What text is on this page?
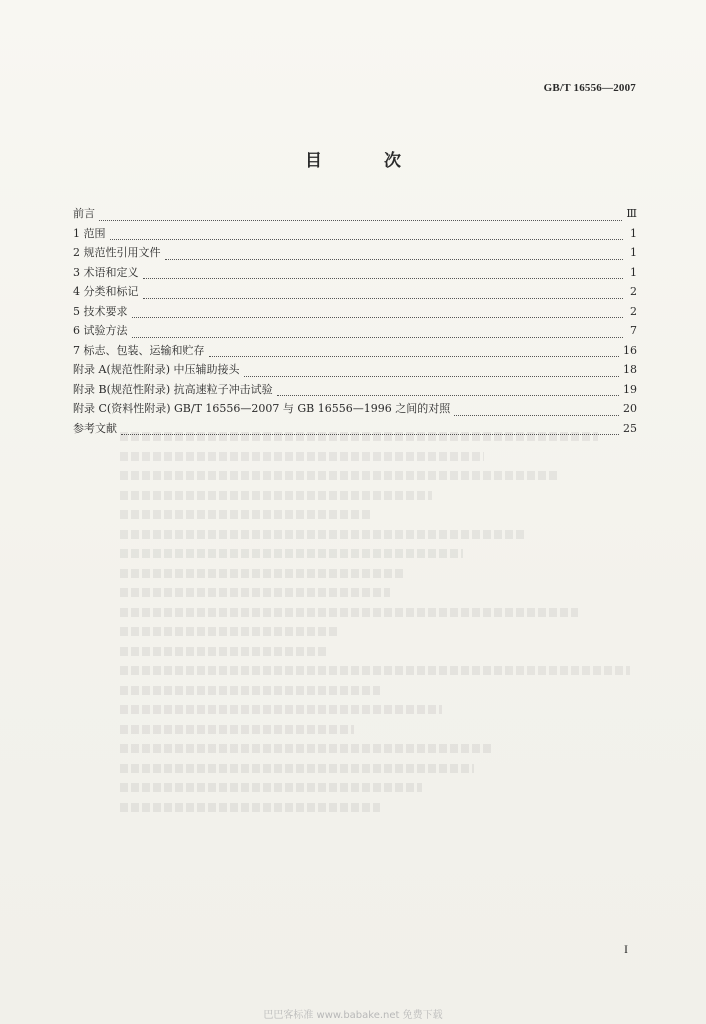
GB/T 16556—2007
目 次
前言	Ⅲ
1 范围	1
2 规范性引用文件	1
3 术语和定义	1
4 分类和标记	2
5 技术要求	2
6 试验方法	7
7 标志、包装、运输和贮存	16
附录 A(规范性附录) 中压辅助接头	18
附录 B(规范性附录) 抗高速粒子冲击试验	19
附录 C(资料性附录) GB/T 16556—2007 与 GB 16556—1996 之间的对照	20
参考文献	25
I
巴巴客标准 www.babake.net 免费下载
